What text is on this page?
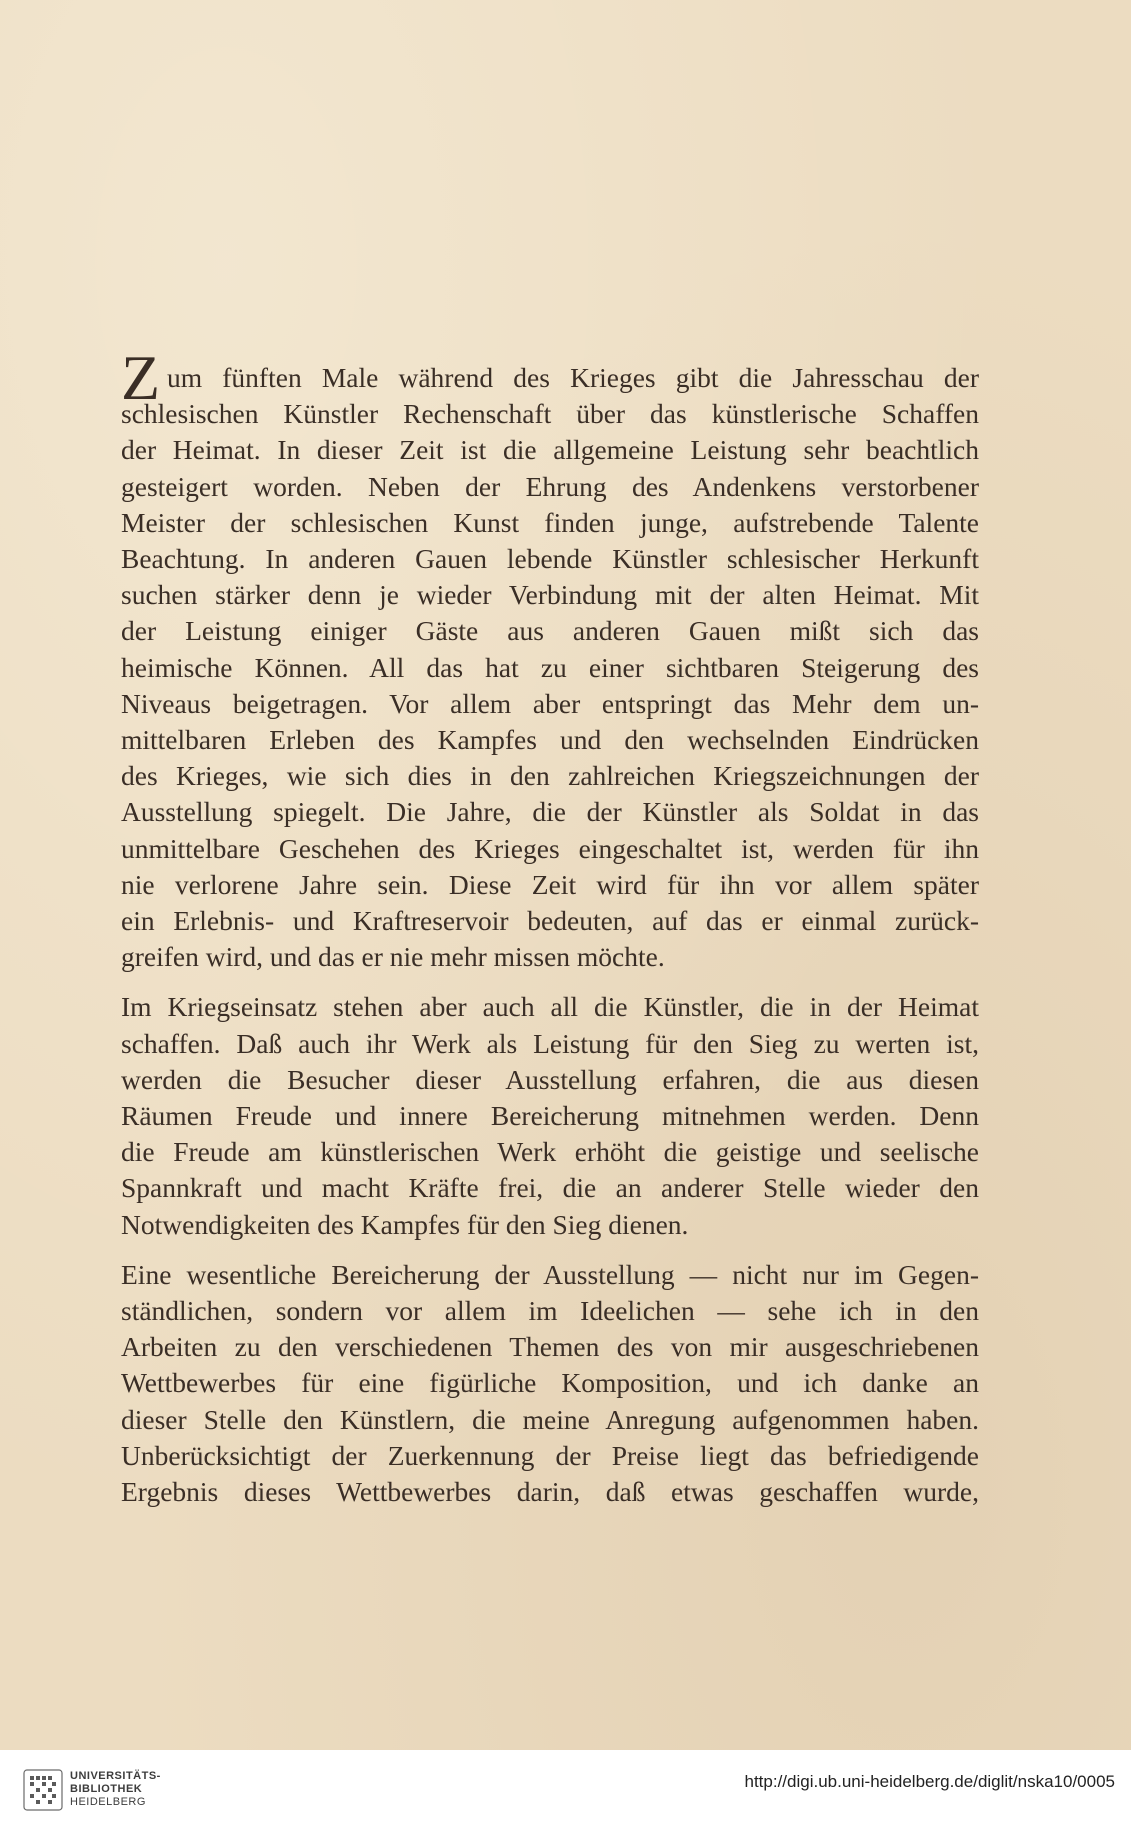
Z um fünften Male während des Krieges gibt die Jahresschau der
schlesischen Künstler Rechenschaft über das künstlerische Schaffen
der Heimat. In dieser Zeit ist die allgemeine Leistung sehr beachtlich
gesteigert worden. Neben der Ehrung des Andenkens verstorbener
Meister der schlesischen Kunst finden junge, aufstrebende Talente
Beachtung. In anderen Gauen lebende Künstler schlesischer Herkunft
suchen stärker denn je wieder Verbindung mit der alten Heimat. Mit
der Leistung einiger Gäste aus anderen Gauen mißt sich das
heimische Können. All das hat zu einer sichtbaren Steigerung des
Niveaus beigetragen. Vor allem aber entspringt das Mehr dem un-
mittelbaren Erleben des Kampfes und den wechselnden Eindrücken
des Krieges, wie sich dies in den zahlreichen Kriegszeichnungen der
Ausstellung spiegelt. Die Jahre, die der Künstler als Soldat in das
unmittelbare Geschehen des Krieges eingeschaltet ist, werden für ihn
nie verlorene Jahre sein. Diese Zeit wird für ihn vor allem später
ein Erlebnis- und Kraftreservoir bedeuten, auf das er einmal zurück-
greifen wird, und das er nie mehr missen möchte.
Im Kriegseinsatz stehen aber auch all die Künstler, die in der Heimat
schaffen. Daß auch ihr Werk als Leistung für den Sieg zu werten ist,
werden die Besucher dieser Ausstellung erfahren, die aus diesen
Räumen Freude und innere Bereicherung mitnehmen werden. Denn
die Freude am künstlerischen Werk erhöht die geistige und seelische
Spannkraft und macht Kräfte frei, die an anderer Stelle wieder den
Notwendigkeiten des Kampfes für den Sieg dienen.
Eine wesentliche Bereicherung der Ausstellung — nicht nur im Gegen-
ständlichen, sondern vor allem im Ideelichen — sehe ich in den
Arbeiten zu den verschiedenen Themen des von mir ausgeschriebenen
Wettbewerbes für eine figürliche Komposition, und ich danke an
dieser Stelle den Künstlern, die meine Anregung aufgenommen haben.
Unberücksichtigt der Zuerkennung der Preise liegt das befriedigende
Ergebnis dieses Wettbewerbes darin, daß etwas geschaffen wurde,
UNIVERSITÄTS-
BIBLIOTHEK
HEIDELBERG
http://digi.ub.uni-heidelberg.de/diglit/nska10/0005
